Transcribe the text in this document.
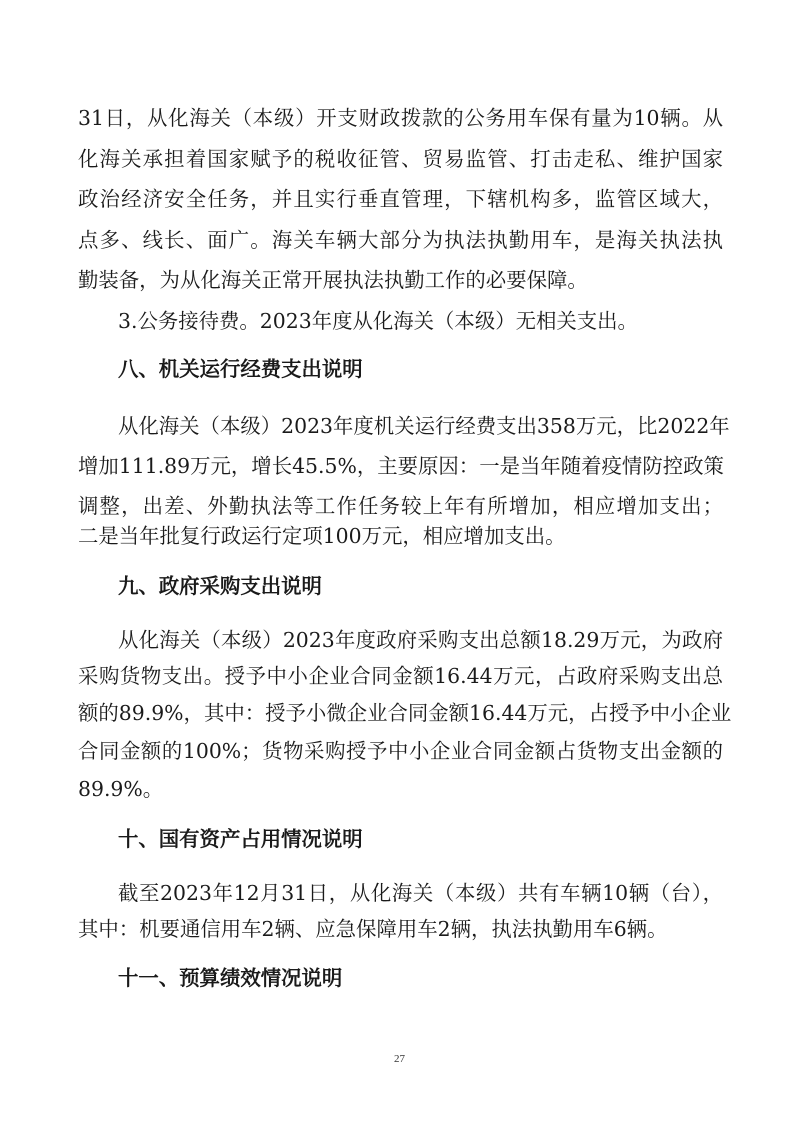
31日，从化海关（本级）开支财政拨款的公务用车保有量为10辆。从
化海关承担着国家赋予的税收征管、贸易监管、打击走私、维护国家
政治经济安全任务，并且实行垂直管理，下辖机构多，监管区域大，
点多、线长、面广。海关车辆大部分为执法执勤用车，是海关执法执
勤装备，为从化海关正常开展执法执勤工作的必要保障。
3.公务接待费。2023年度从化海关（本级）无相关支出。
八、机关运行经费支出说明
从化海关（本级）2023年度机关运行经费支出358万元，比2022年
增加111.89万元，增长45.5%，主要原因：一是当年随着疫情防控政策
调整，出差、外勤执法等工作任务较上年有所增加，相应增加支出；
二是当年批复行政运行定项100万元，相应增加支出。
九、政府采购支出说明
从化海关（本级）2023年度政府采购支出总额18.29万元，为政府
采购货物支出。授予中小企业合同金额16.44万元，占政府采购支出总
额的89.9%，其中：授予小微企业合同金额16.44万元，占授予中小企业
合同金额的100%；货物采购授予中小企业合同金额占货物支出金额的
89.9%。
十、国有资产占用情况说明
截至2023年12月31日，从化海关（本级）共有车辆10辆（台），
其中：机要通信用车2辆、应急保障用车2辆，执法执勤用车6辆。
十一、预算绩效情况说明
27
